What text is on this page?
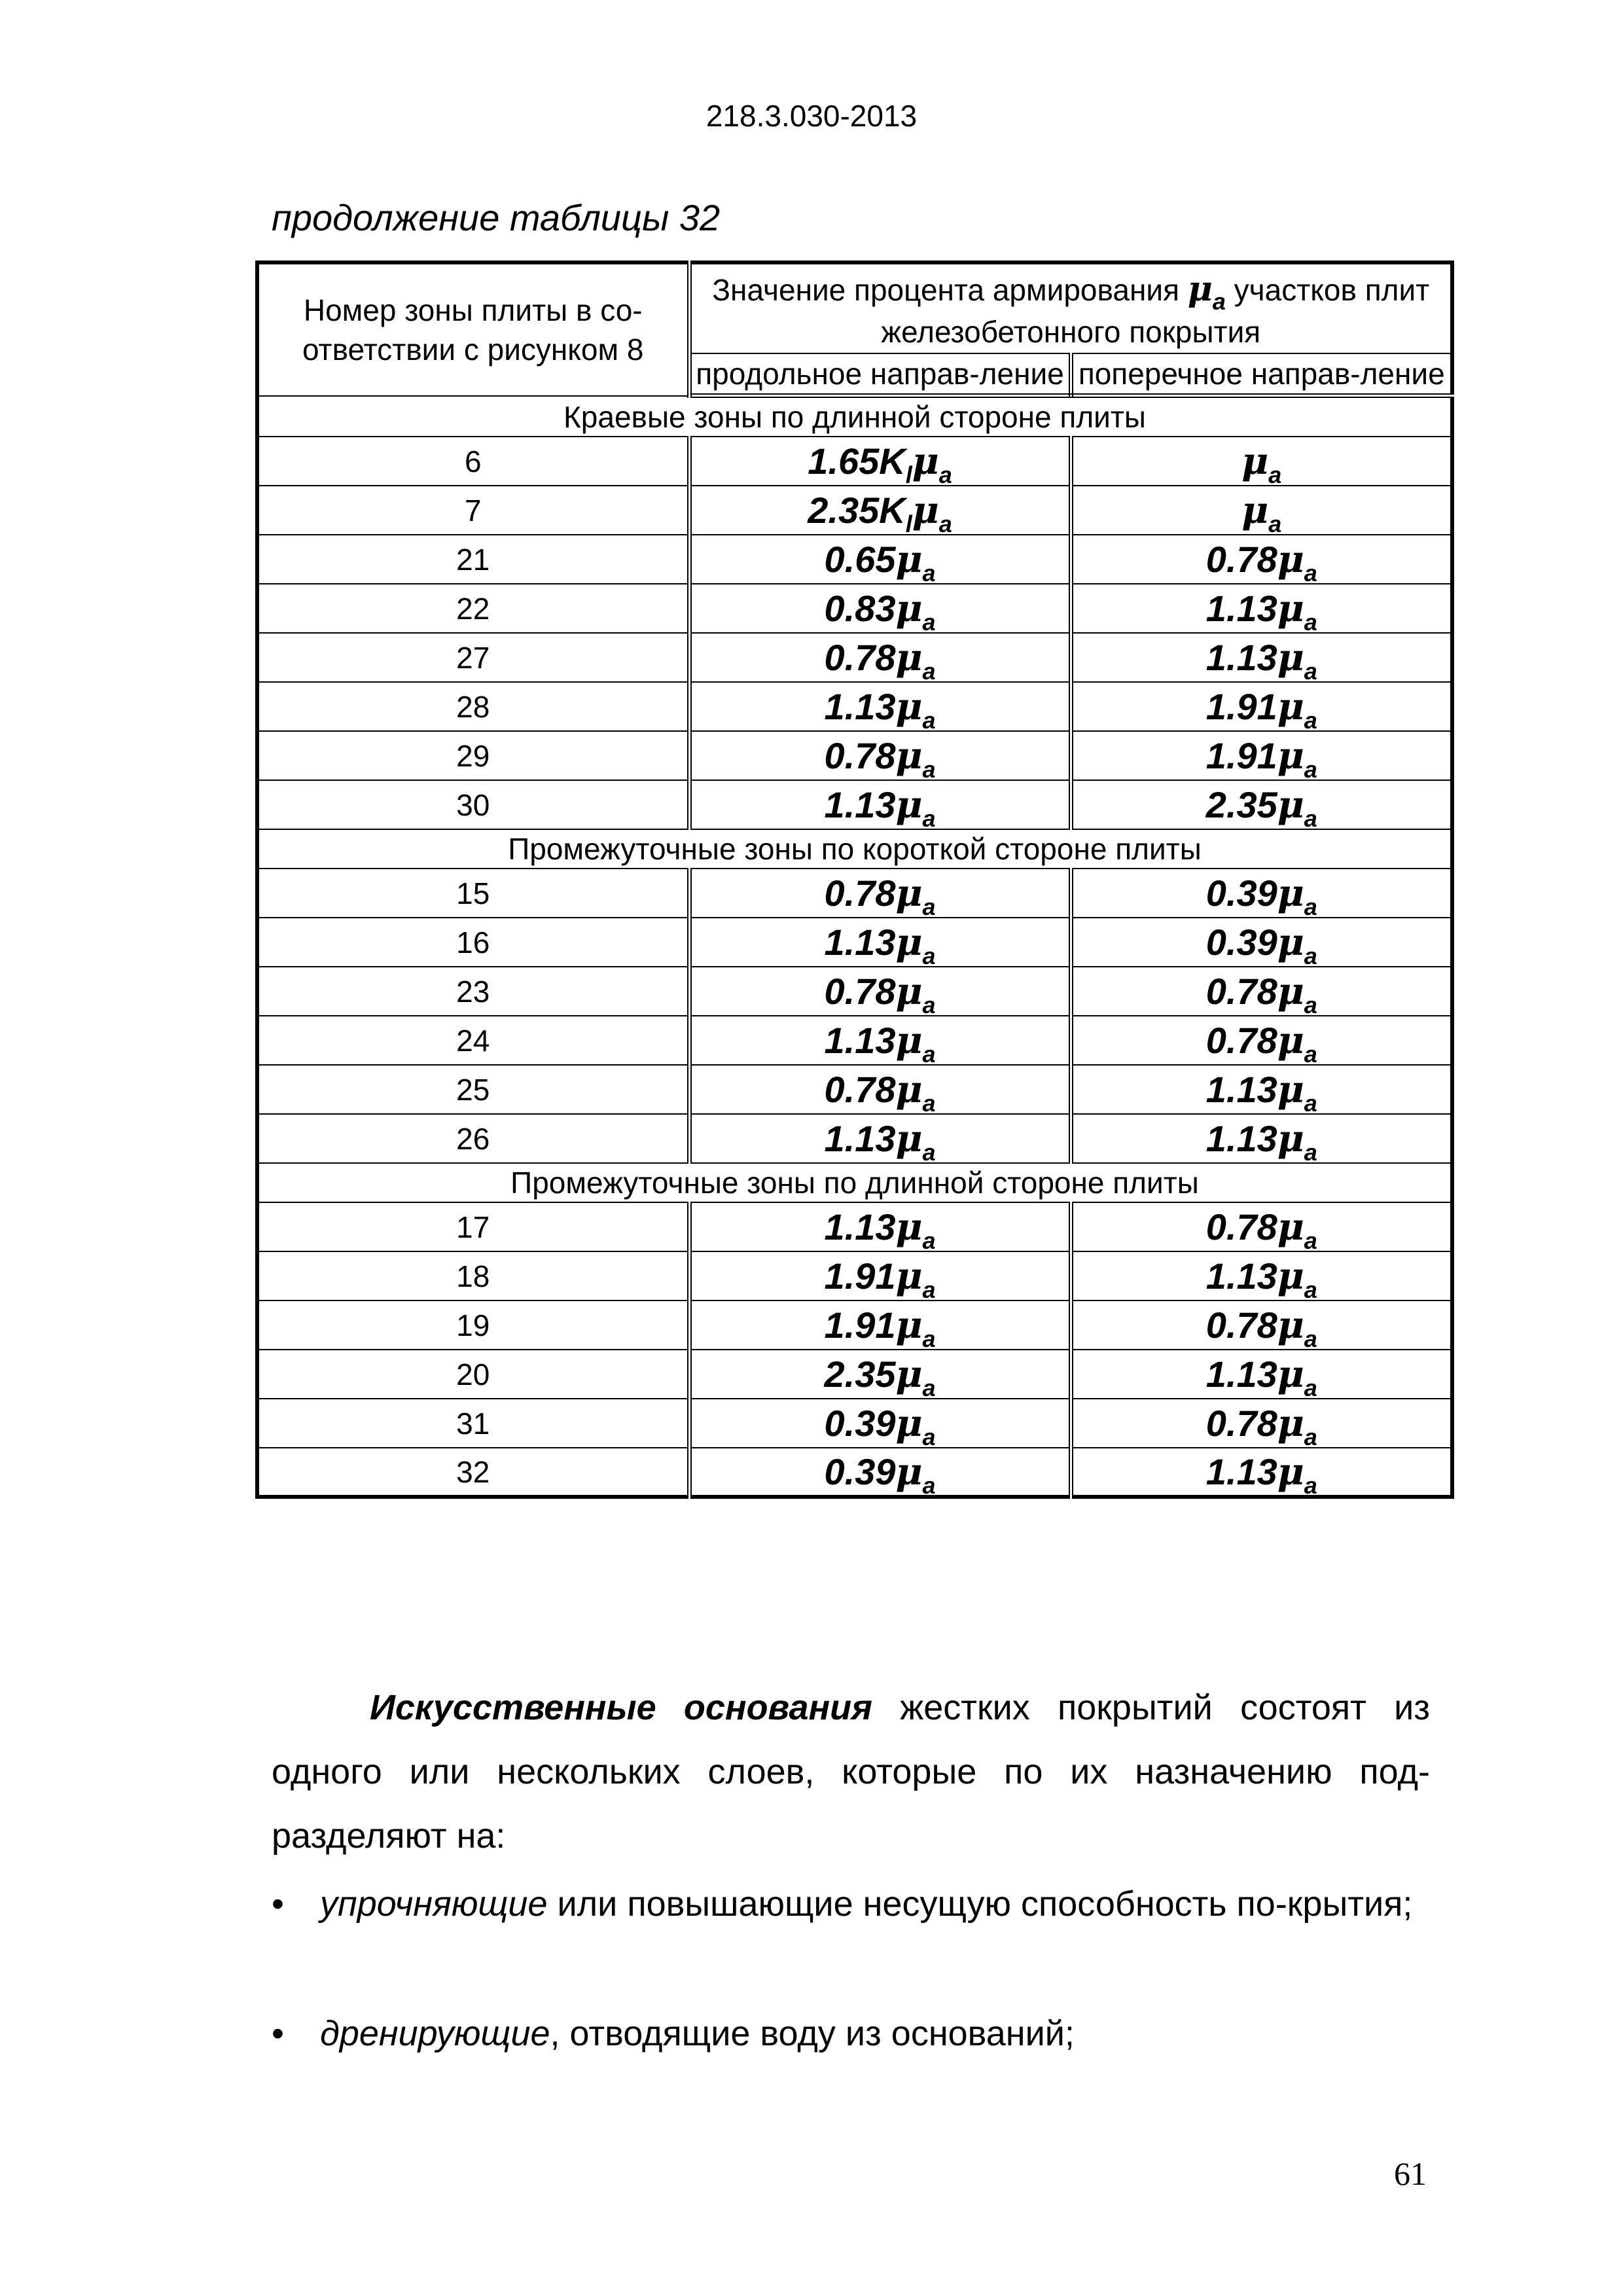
218.3.030-2013
продолжение таблицы 32
Номер зоны плиты в со-ответствии с рисунком 8	Значение процента армирования $\mu_a$ участков плит железобетонного покрытия	
	продольное направ-ление	поперечное направ-ление
Краевые зоны по длинной стороне плиты		
6	$1.65K_l\mu_a$	$\mu_a$
7	$2.35K_l\mu_a$	$\mu_a$
21	$0.65\mu_a$	$0.78\mu_a$
22	$0.83\mu_a$	$1.13\mu_a$
27	$0.78\mu_a$	$1.13\mu_a$
28	$1.13\mu_a$	$1.91\mu_a$
29	$0.78\mu_a$	$1.91\mu_a$
30	$1.13\mu_a$	$2.35\mu_a$
Промежуточные зоны по короткой стороне плиты		
15	$0.78\mu_a$	$0.39\mu_a$
16	$1.13\mu_a$	$0.39\mu_a$
23	$0.78\mu_a$	$0.78\mu_a$
24	$1.13\mu_a$	$0.78\mu_a$
25	$0.78\mu_a$	$1.13\mu_a$
26	$1.13\mu_a$	$1.13\mu_a$
Промежуточные зоны по длинной стороне плиты		
17	$1.13\mu_a$	$0.78\mu_a$
18	$1.91\mu_a$	$1.13\mu_a$
19	$1.91\mu_a$	$0.78\mu_a$
20	$2.35\mu_a$	$1.13\mu_a$
31	$0.39\mu_a$	$0.78\mu_a$
32	$0.39\mu_a$	$1.13\mu_a$
Искусственные основания жестких покрытий состоят из одного или нескольких слоев, которые по их назначению под-разделяют на:
• упрочняющие или повышающие несущую способность по-крытия;
• дренирующие, отводящие воду из оснований;
61
